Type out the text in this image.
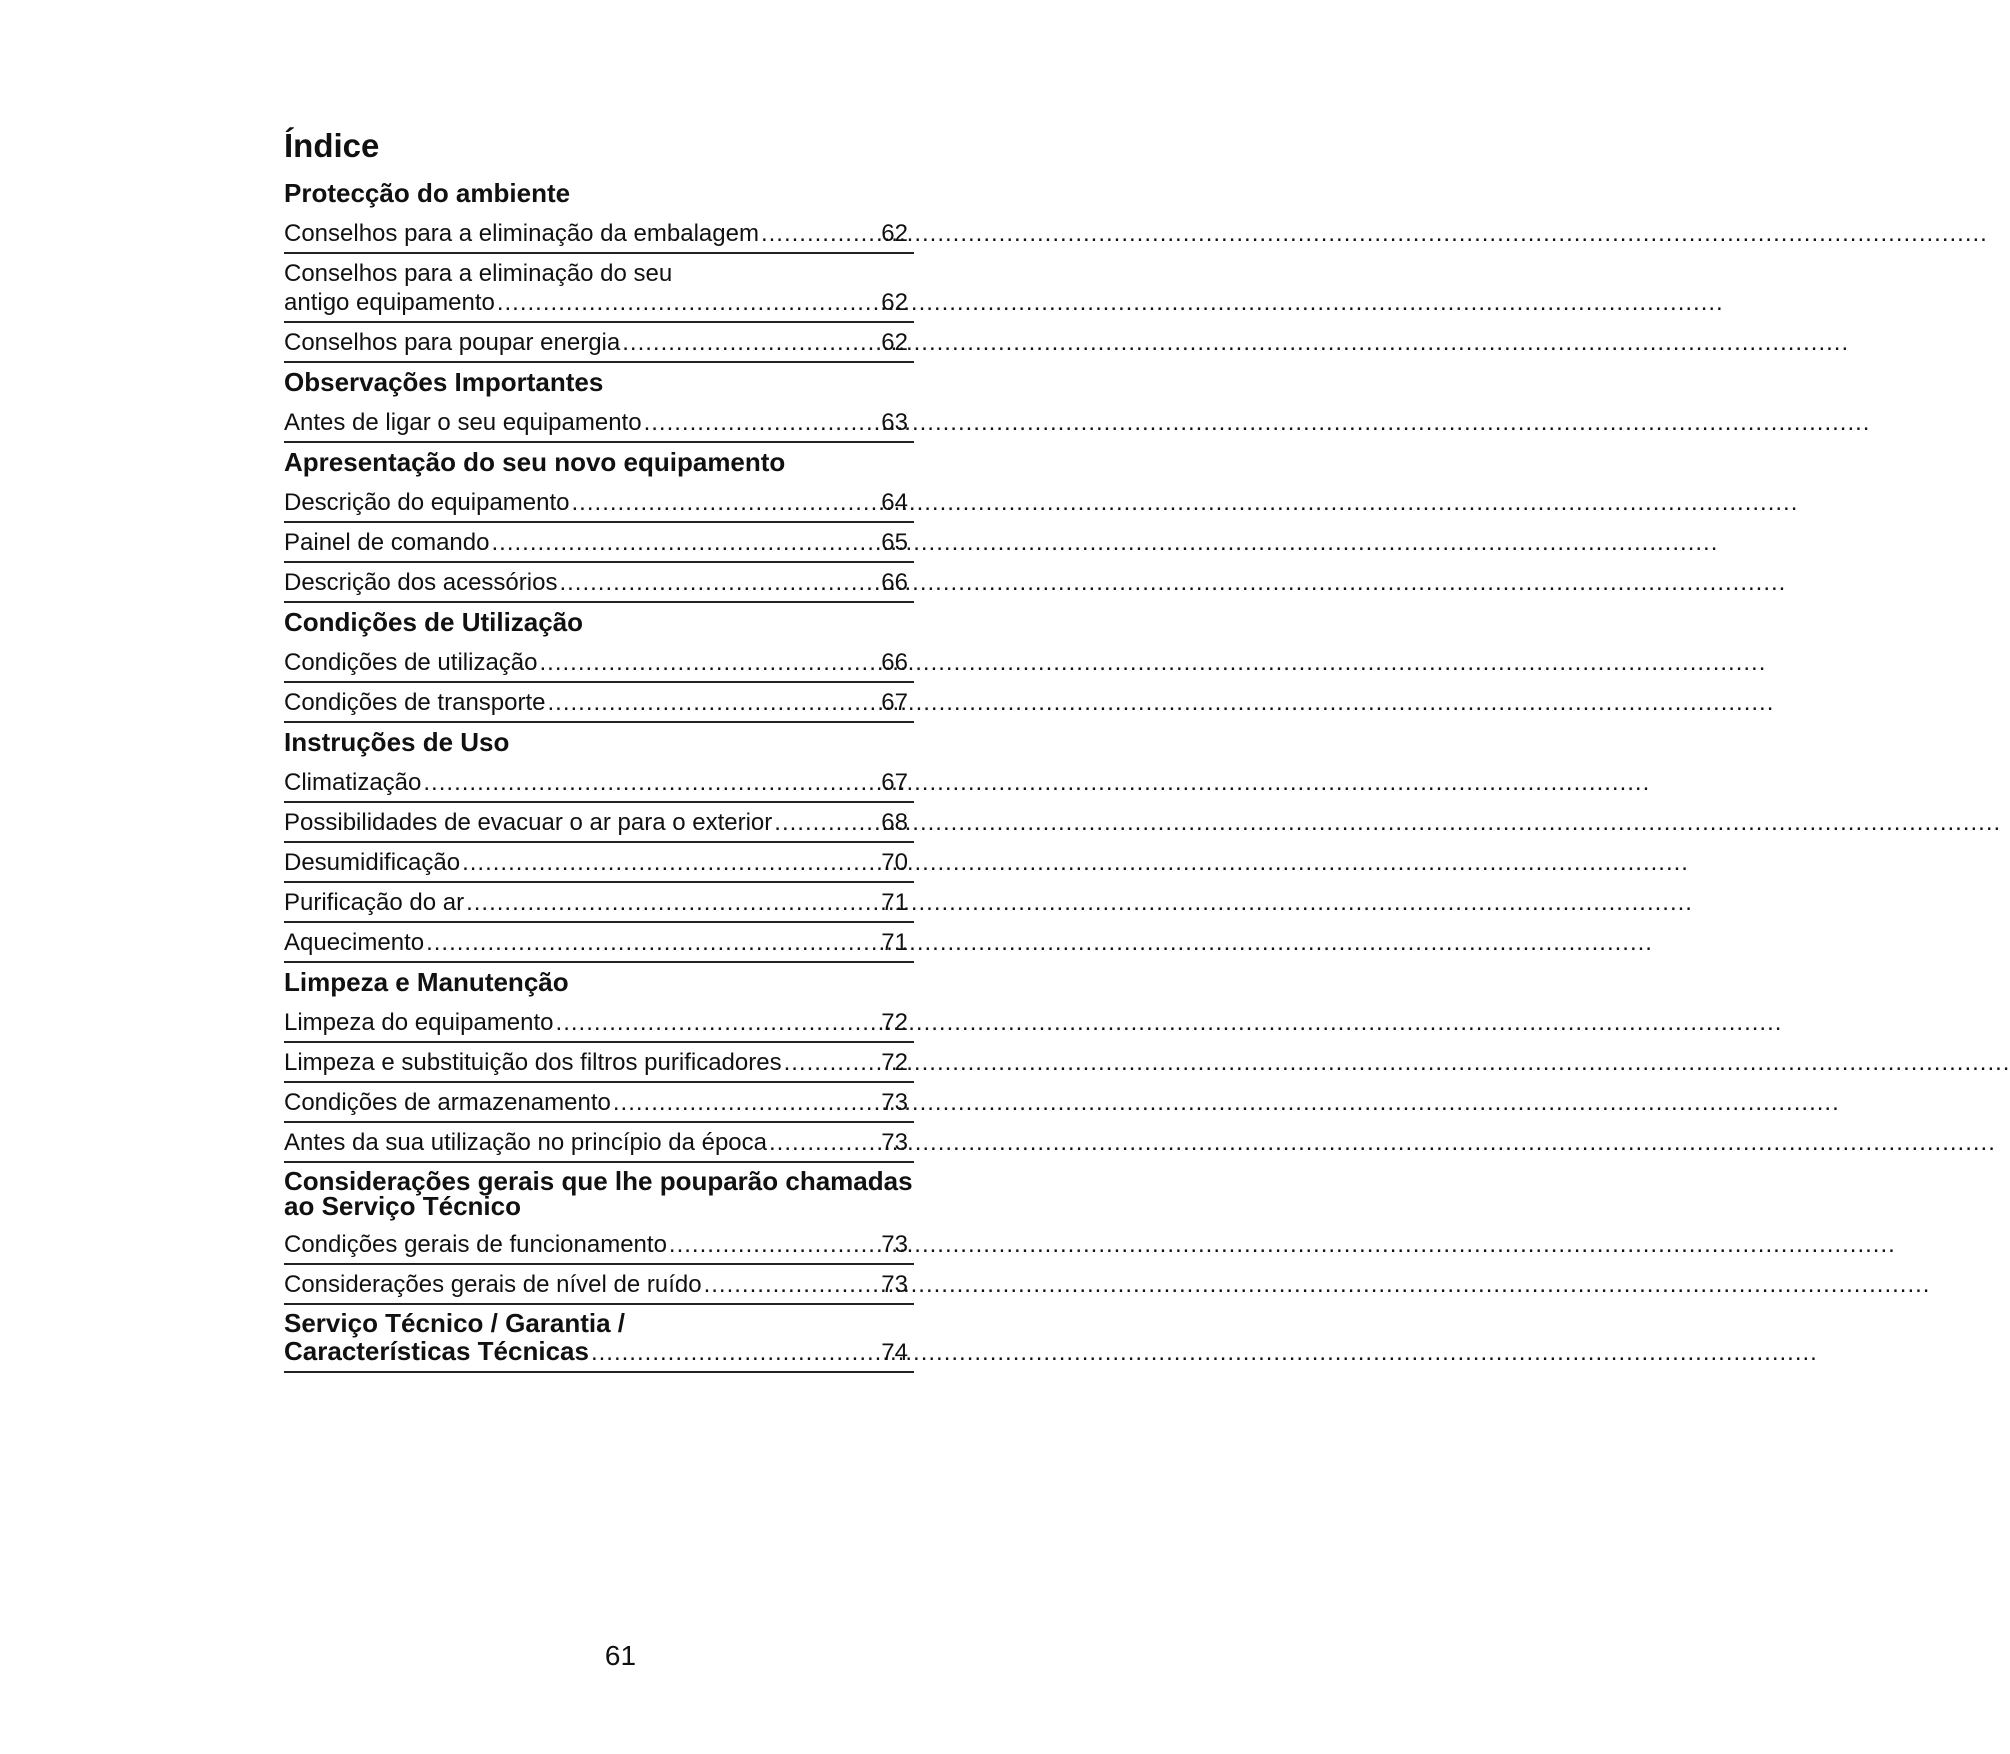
Índice
Protecção do ambiente
Conselhos para a eliminação da embalagem .....	62
Conselhos para a eliminação do seu
antigo equipamento .....	62
Conselhos para poupar energia .....	62
Observações Importantes
Antes de ligar o seu equipamento .....	63
Apresentação do seu novo equipamento
Descrição do equipamento .....	64
Painel de comando .....	65
Descrição dos acessórios .....	66
Condições de Utilização
Condições de utilização .....	66
Condições de transporte .....	67
Instruções de Uso
Climatização .....	67
Possibilidades de evacuar o ar para o exterior .....	68
Desumidificação .....	70
Purificação do ar .....	71
Aquecimento .....	71
Limpeza e Manutenção
Limpeza do equipamento .....	72
Limpeza e substituição dos filtros purificadores .....	72
Condições de armazenamento .....	73
Antes da sua utilização no princípio da época .....	73
Considerações gerais que lhe pouparão chamadas ao Serviço Técnico
Condições gerais de funcionamento .....	73
Considerações gerais de nível de ruído .....	73
Serviço Técnico / Garantia /
Características Técnicas .....	74
61
